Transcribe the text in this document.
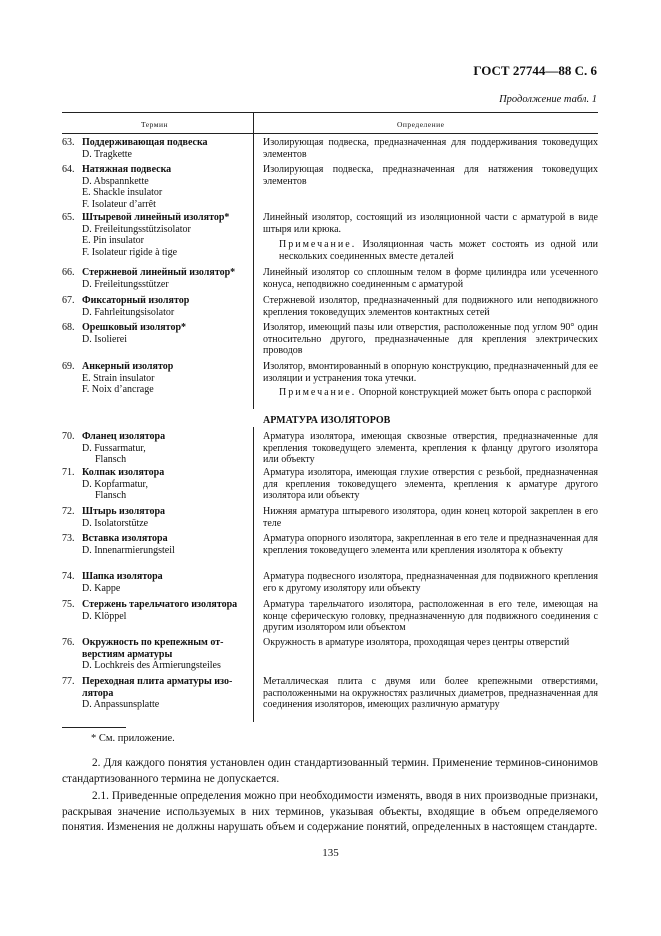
ГОСТ 27744—88 С. 6
Продолжение табл. 1
Термин	Определение
63. Поддерживающая подвеска
D. Tragkette
Изолирующая подвеска, предназначенная для поддерживания токоведущих элементов
64. Натяжная подвеска
D. Abspannkette
E. Shackle insulator
F. Isolateur d’arrêt
Изолирующая подвеска, предназначенная для натяжения токоведущих элементов
65. Штыревой линейный изолятор*
D. Freileitungsstützisolator
E. Pin insulator
F. Isolateur rigide à tige
Линейный изолятор, состоящий из изоляционной части с арматурой в виде штыря или крюка.
Примечание. Изоляционная часть может состоять из одной или нескольких соединенных вместе деталей
66. Стержневой линейный изолятор*
D. Freileitungsstützer
Линейный изолятор со сплошным телом в форме цилиндра или усеченного конуса, неподвижно соединенным с арматурой
67. Фиксаторный изолятор
D. Fahrleitungsisolator
Стержневой изолятор, предназначенный для подвижного или неподвижного крепления токоведущих элементов контактных сетей
68. Орешковый изолятор*
D. Isolierei
Изолятор, имеющий пазы или отверстия, расположенные под углом 90° один относительно другого, предназначенные для крепления электрических проводов
69. Анкерный изолятор
E. Strain insulator
F. Noix d’ancrage
Изолятор, вмонтированный в опорную конструкцию, предназначенный для ее изоляции и устранения тока утечки.
Примечание. Опорной конструкцией может быть опора с распоркой
АРМАТУРА ИЗОЛЯТОРОВ
70. Фланец изолятора
D. Fussarmatur,
Flansch
Арматура изолятора, имеющая сквозные отверстия, предназначенные для крепления токоведущего элемента, крепления к фланцу другого изолятора или объекту
71. Колпак изолятора
D. Kopfarmatur,
Flansch
Арматура изолятора, имеющая глухие отверстия с резьбой, предназначенная для крепления токоведущего элемента, крепления к арматуре другого изолятора или объекту
72. Штырь изолятора
D. Isolatorstütze
Нижняя арматура штыревого изолятора, один конец которой закреплен в его теле
73. Вставка изолятора
D. Innenarmierungsteil
Арматура опорного изолятора, закрепленная в его теле и предназначенная для крепления токоведущего элемента или крепления изолятора к объекту
74. Шапка изолятора
D. Kappe
Арматура подвесного изолятора, предназначенная для подвижного крепления его к другому изолятору или объекту
75. Стержень тарельчатого изолятора
D. Klöppel
Арматура тарельчатого изолятора, расположенная в его теле, имеющая на конце сферическую головку, предназначенную для подвижного соединения с другим изолятором или объектом
76. Окружность по крепежным от-
верстиям арматуры
D. Lochkreis des Armierungsteiles
Окружность в арматуре изолятора, проходящая через центры отверстий
77. Переходная плита арматуры изо-
лятора
D. Anpassunsplatte
Металлическая плита с двумя или более крепежными отверстиями, расположенными на окружностях различных диаметров, предназначенная для соединения изоляторов, имеющих различную арматуру
* См. приложение.
2. Для каждого понятия установлен один стандартизованный термин. Применение терминов-синонимов стандартизованного термина не допускается.
2.1. Приведенные определения можно при необходимости изменять, вводя в них производные признаки, раскрывая значение используемых в них терминов, указывая объекты, входящие в объем определяемого понятия. Изменения не должны нарушать объем и содержание понятий, определенных в настоящем стандарте.
135
